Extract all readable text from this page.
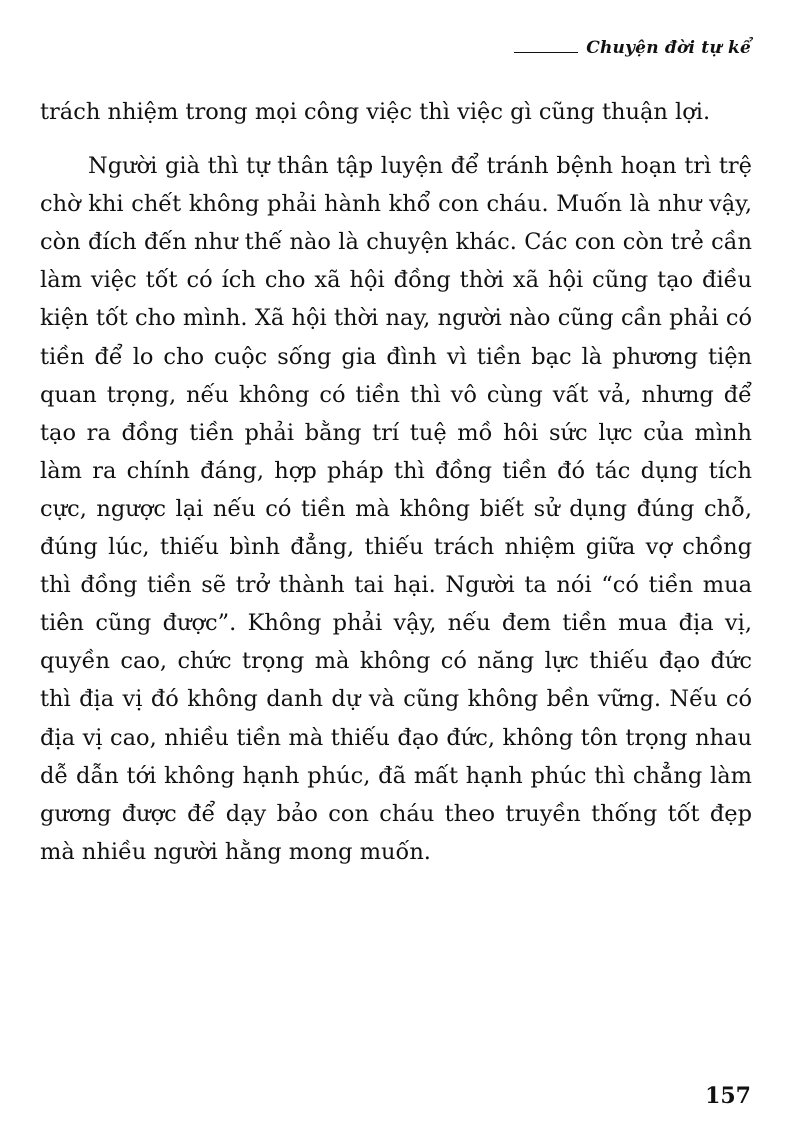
Chuyện đời tự kể

trách nhiệm trong mọi công việc thì việc gì cũng thuận lợi.

Người già thì tự thân tập luyện để tránh bệnh hoạn trì trệ chờ khi chết không phải hành khổ con cháu. Muốn là như vậy, còn đích đến như thế nào là chuyện khác. Các con còn trẻ cần làm việc tốt có ích cho xã hội đồng thời xã hội cũng tạo điều kiện tốt cho mình. Xã hội thời nay, người nào cũng cần phải có tiền để lo cho cuộc sống gia đình vì tiền bạc là phương tiện quan trọng, nếu không có tiền thì vô cùng vất vả, nhưng để tạo ra đồng tiền phải bằng trí tuệ mồ hôi sức lực của mình làm ra chính đáng, hợp pháp thì đồng tiền đó tác dụng tích cực, ngược lại nếu có tiền mà không biết sử dụng đúng chỗ, đúng lúc, thiếu bình đẳng, thiếu trách nhiệm giữa vợ chồng thì đồng tiền sẽ trở thành tai hại. Người ta nói “có tiền mua tiên cũng được”. Không phải vậy, nếu đem tiền mua địa vị, quyền cao, chức trọng mà không có năng lực thiếu đạo đức thì địa vị đó không danh dự và cũng không bền vững. Nếu có địa vị cao, nhiều tiền mà thiếu đạo đức, không tôn trọng nhau dễ dẫn tới không hạnh phúc, đã mất hạnh phúc thì chẳng làm gương được để dạy bảo con cháu theo truyền thống tốt đẹp mà nhiều người hằng mong muốn.

157
